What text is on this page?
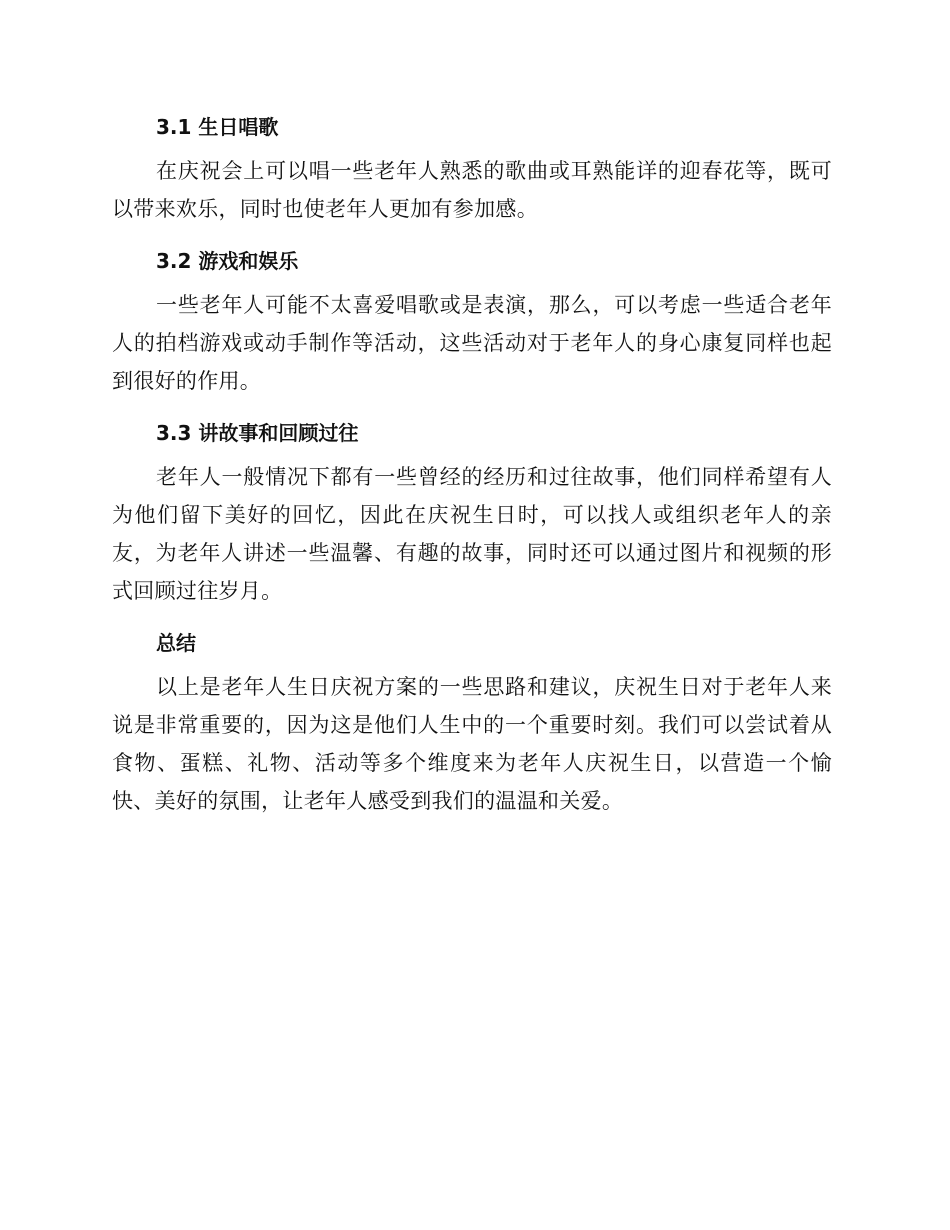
3.1 生日唱歌

在庆祝会上可以唱一些老年人熟悉的歌曲或耳熟能详的迎春花等，既可以带来欢乐，同时也使老年人更加有参加感。

3.2 游戏和娱乐

一些老年人可能不太喜爱唱歌或是表演，那么，可以考虑一些适合老年人的拍档游戏或动手制作等活动，这些活动对于老年人的身心康复同样也起到很好的作用。

3.3 讲故事和回顾过往

老年人一般情况下都有一些曾经的经历和过往故事，他们同样希望有人为他们留下美好的回忆，因此在庆祝生日时，可以找人或组织老年人的亲友，为老年人讲述一些温馨、有趣的故事，同时还可以通过图片和视频的形式回顾过往岁月。

总结

以上是老年人生日庆祝方案的一些思路和建议，庆祝生日对于老年人来说是非常重要的，因为这是他们人生中的一个重要时刻。我们可以尝试着从食物、蛋糕、礼物、活动等多个维度来为老年人庆祝生日，以营造一个愉快、美好的氛围，让老年人感受到我们的温温和关爱。
